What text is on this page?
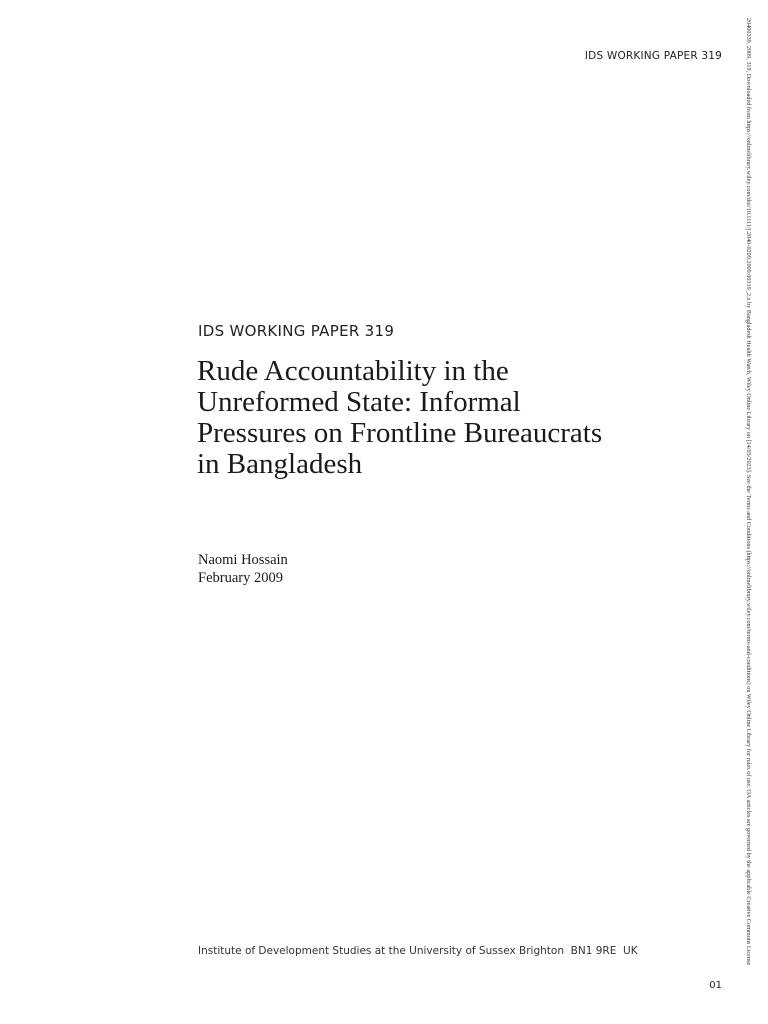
IDS WORKING PAPER 319
IDS WORKING PAPER 319
Rude Accountability in the Unreformed State: Informal Pressures on Frontline Bureaucrats in Bangladesh
Naomi Hossain
February 2009
Institute of Development Studies at the University of Sussex Brighton  BN1 9RE  UK
01
20400339, 2009, 319, Downloaded from https://onlinelibrary.wiley.com/doi/10.1111/j.2040-0209.2009.00319_2.x by Bangladesh Health Watch, Wiley Online Library on [14/03/2023]. See the Terms and Conditions (https://onlinelibrary.wiley.com/terms-and-conditions) on Wiley Online Library for rules of use; OA articles are governed by the applicable Creative Commons License
